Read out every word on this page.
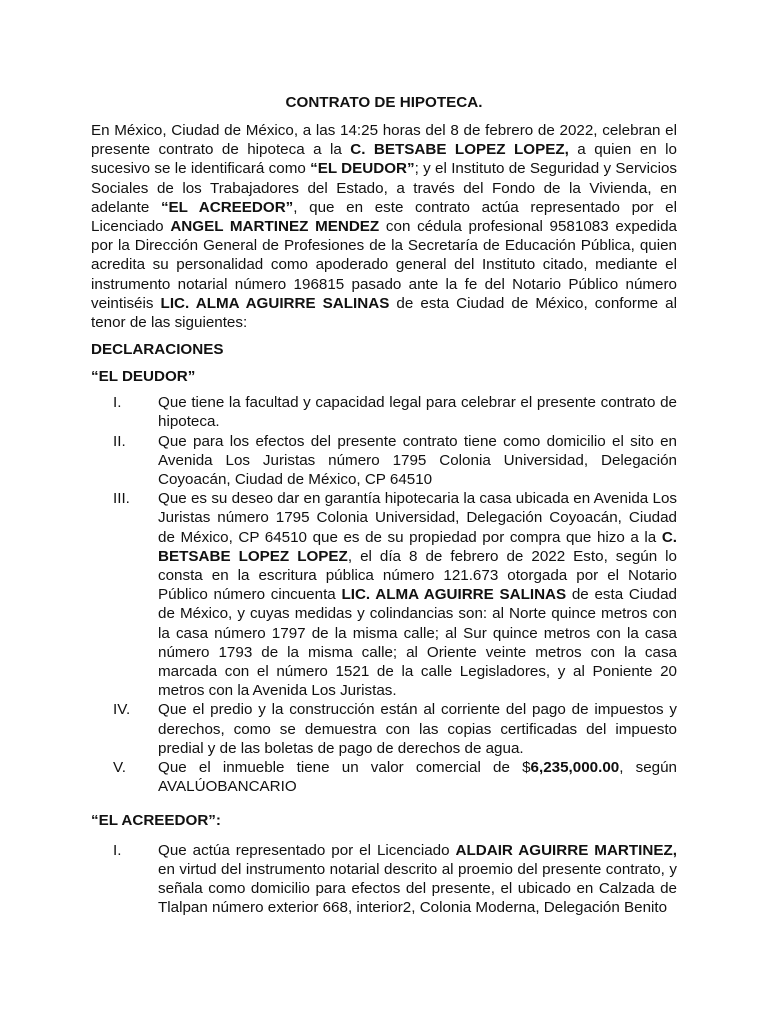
CONTRATO DE HIPOTECA.

En México, Ciudad de México, a las 14:25 horas del 8 de febrero de 2022, celebran el presente contrato de hipoteca a la C. BETSABE LOPEZ LOPEZ, a quien en lo sucesivo se le identificará como “EL DEUDOR”; y el Instituto de Seguridad y Servicios Sociales de los Trabajadores del Estado, a través del Fondo de la Vivienda, en adelante “EL ACREEDOR”, que en este contrato actúa representado por el Licenciado ANGEL MARTINEZ MENDEZ con cédula profesional 9581083 expedida por la Dirección General de Profesiones de la Secretaría de Educación Pública, quien acredita su personalidad como apoderado general del Instituto citado, mediante el instrumento notarial número 196815 pasado ante la fe del Notario Público número veintiséis LIC. ALMA AGUIRRE SALINAS de esta Ciudad de México, conforme al tenor de las siguientes:

DECLARACIONES
“EL DEUDOR”
I.	Que tiene la facultad y capacidad legal para celebrar el presente contrato de hipoteca.
II.	Que para los efectos del presente contrato tiene como domicilio el sito en Avenida Los Juristas número 1795 Colonia Universidad, Delegación Coyoacán, Ciudad de México, CP 64510
III.	Que es su deseo dar en garantía hipotecaria la casa ubicada en Avenida Los Juristas número 1795 Colonia Universidad, Delegación Coyoacán, Ciudad de México, CP 64510 que es de su propiedad por compra que hizo a la C. BETSABE LOPEZ LOPEZ, el día 8 de febrero de 2022 Esto, según lo consta en la escritura pública número 121.673 otorgada por el Notario Público número cincuenta LIC. ALMA AGUIRRE SALINAS de esta Ciudad de México, y cuyas medidas y colindancias son: al Norte quince metros con la casa número 1797 de la misma calle; al Sur quince metros con la casa número 1793 de la misma calle; al Oriente veinte metros con la casa marcada con el número 1521 de la calle Legisladores, y al Poniente 20 metros con la Avenida Los Juristas.
IV.	Que el predio y la construcción están al corriente del pago de impuestos y derechos, como se demuestra con las copias certificadas del impuesto predial y de las boletas de pago de derechos de agua.
V.	Que el inmueble tiene un valor comercial de $6,235,000.00, según AVALÚOBANCARIO
“EL ACREEDOR”:
I.	Que actúa representado por el Licenciado ALDAIR AGUIRRE MARTINEZ, en virtud del instrumento notarial descrito al proemio del presente contrato, y señala como domicilio para efectos del presente, el ubicado en Calzada de Tlalpan número exterior 668, interior2, Colonia Moderna, Delegación Benito
